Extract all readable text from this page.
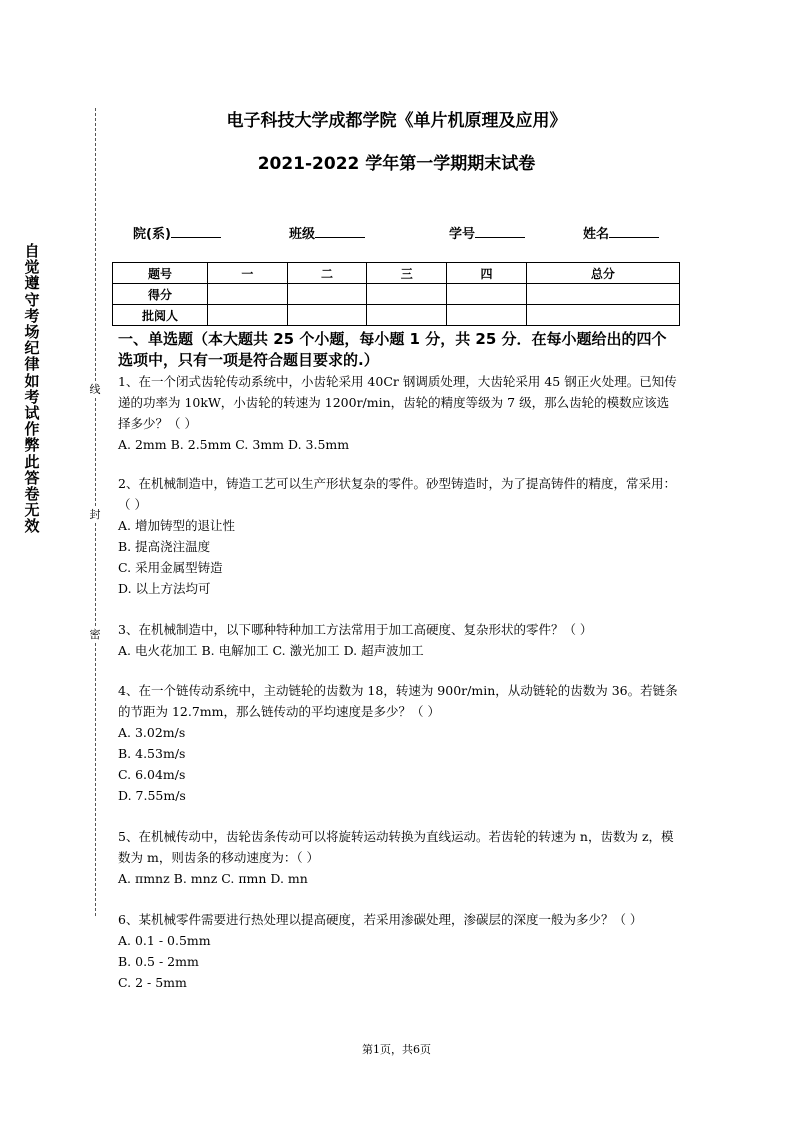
自
觉
遵
守
考
场
纪
律
如
考
试
作
弊
此
答
卷
无
效
线
封
密
电子科技大学成都学院《单片机原理及应用》
2021-2022 学年第一学期期末试卷
院(系)	班级	学号	姓名
题号	一	二	三	四	总分
得分					
批阅人					
一、单选题（本大题共 25 个小题，每小题 1 分，共 25 分．在每小题给出的四个选项中，只有一项是符合题目要求的.）

1、在一个闭式齿轮传动系统中，小齿轮采用 40Cr 钢调质处理，大齿轮采用 45 钢正火处理。已知传递的功率为 10kW，小齿轮的转速为 1200r/min，齿轮的精度等级为 7 级，那么齿轮的模数应该选择多少？（ ）

A. 2mm B. 2.5mm C. 3mm D. 3.5mm

2、在机械制造中，铸造工艺可以生产形状复杂的零件。砂型铸造时，为了提高铸件的精度，常采用：（ ）

A. 增加铸型的退让性

B. 提高浇注温度

C. 采用金属型铸造

D. 以上方法均可

3、在机械制造中，以下哪种特种加工方法常用于加工高硬度、复杂形状的零件？（ ）

A. 电火花加工 B. 电解加工 C. 激光加工 D. 超声波加工

4、在一个链传动系统中，主动链轮的齿数为 18，转速为 900r/min，从动链轮的齿数为 36。若链条的节距为 12.7mm，那么链传动的平均速度是多少？（ ）

A. 3.02m/s

B. 4.53m/s

C. 6.04m/s

D. 7.55m/s

5、在机械传动中，齿轮齿条传动可以将旋转运动转换为直线运动。若齿轮的转速为 n，齿数为 z，模数为 m，则齿条的移动速度为：（ ）

A. πmnz B. mnz C. πmn D. mn

6、某机械零件需要进行热处理以提高硬度，若采用渗碳处理，渗碳层的深度一般为多少？（ ）

A. 0.1 - 0.5mm

B. 0.5 - 2mm

C. 2 - 5mm

第1页，共6页
